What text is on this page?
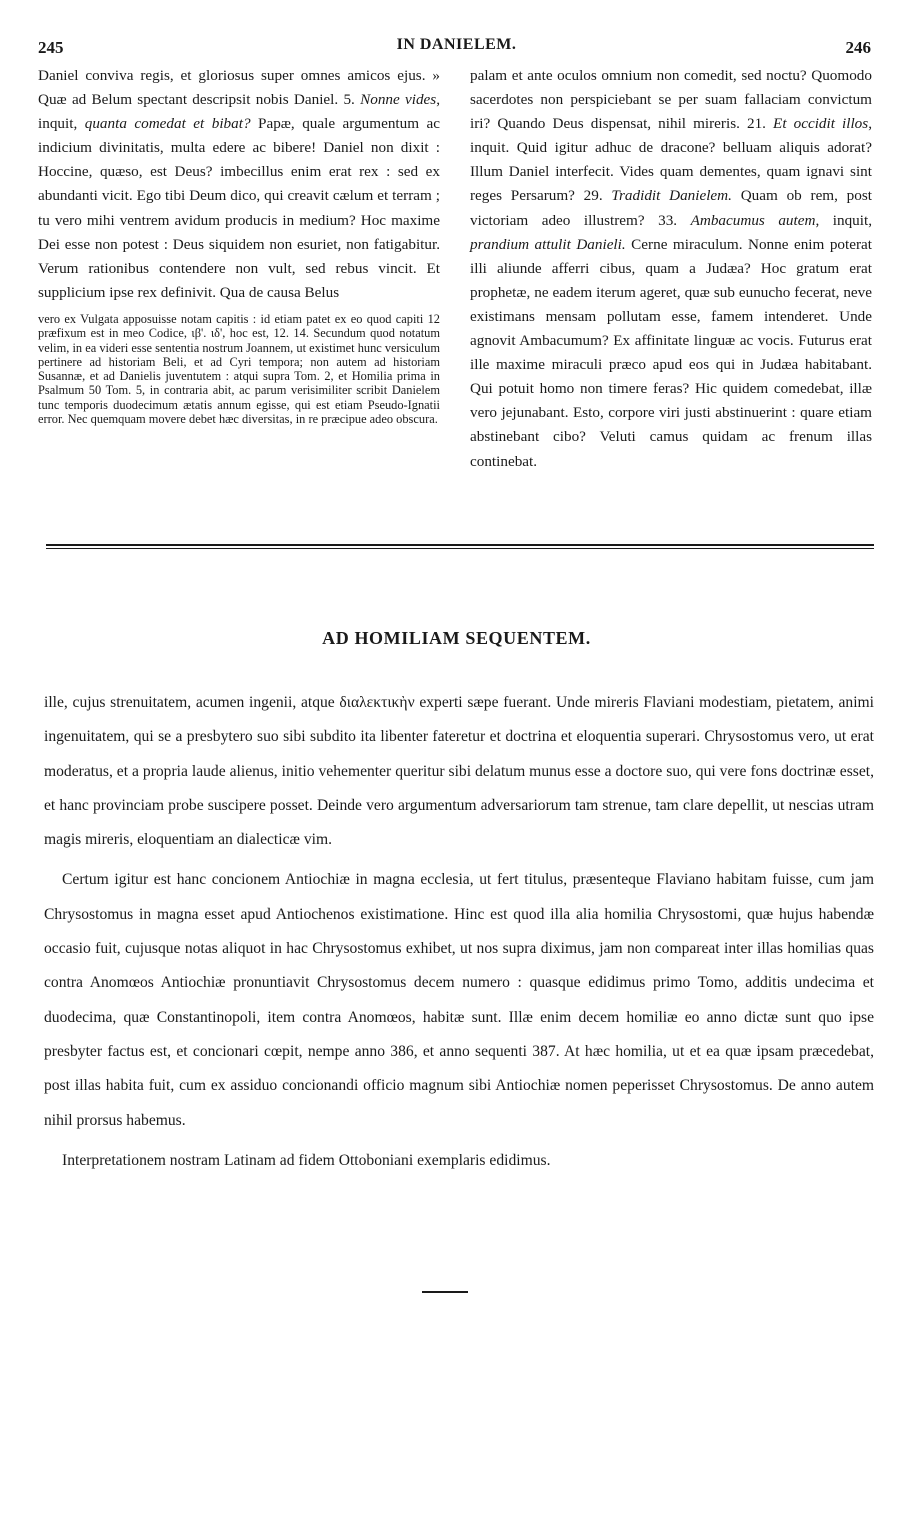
245	IN DANIELEM.	246

Daniel conviva regis, et gloriosus super omnes amicos ejus. » Quæ ad Belum spectant descripsit nobis Daniel. 5. Nonne vides, inquit, quanta comedat et bibat? Papæ, quale argumentum ac indicium divinitatis, multa edere ac bibere! Daniel non dixit : Hoccine, quæso, est Deus? imbecillus enim erat rex : sed ex abundanti vicit. Ego tibi Deum dico, qui creavit cælum et terram ; tu vero mihi ventrem avidum producis in medium? Hoc maxime Dei esse non potest : Deus siquidem non esuriet, non fatigabitur. Verum rationibus contendere non vult, sed rebus vincit. Et supplicium ipse rex definivit. Qua de causa Belus

vero ex Vulgata apposuisse notam capitis : id etiam patet ex eo quod capiti 12 præfixum est in meo Codice, ιβ'. ιδ', hoc est, 12. 14. Secundum quod notatum velim, in ea videri esse sententia nostrum Joannem, ut existimet hunc versiculum pertinere ad historiam Beli, et ad Cyri tempora; non autem ad historiam Susannæ, et ad Danielis juventutem : atqui supra Tom. 2, et Homilia prima in Psalmum 50 Tom. 5, in contraria abit, ac parum verisimiliter scribit Danielem tunc temporis duodecimum ætatis annum egisse, qui est etiam Pseudo-Ignatii error. Nec quemquam movere debet hæc diversitas, in re præcipue adeo obscura.

palam et ante oculos omnium non comedit, sed noctu? Quomodo sacerdotes non perspiciebant se per suam fallaciam convictum iri? Quando Deus dispensat, nihil mireris. 21. Et occidit illos, inquit. Quid igitur adhuc de dracone? belluam aliquis adorat? Illum Daniel interfecit. Vides quam dementes, quam ignavi sint reges Persarum? 29. Tradidit Danielem. Quam ob rem, post victoriam adeo illustrem? 33. Ambacumus autem, inquit, prandium attulit Danieli. Cerne miraculum. Nonne enim poterat illi aliunde afferri cibus, quam a Judæa? Hoc gratum erat prophetæ, ne eadem iterum ageret, quæ sub eunucho fecerat, neve existimans mensam pollutam esse, famem intenderet. Unde agnovit Ambacumum? Ex affinitate linguæ ac vocis. Futurus erat ille maxime miraculi præco apud eos qui in Judæa habitabant. Qui potuit homo non timere feras? Hic quidem comedebat, illæ vero jejunabant. Esto, corpore viri justi abstinuerint : quare etiam abstinebant cibo? Veluti camus quidam ac frenum illas continebat.

AD HOMILIAM SEQUENTEM.

ille, cujus strenuitatem, acumen ingenii, atque διαλεκτικὴν experti sæpe fuerant. Unde mireris Flaviani modestiam, pietatem, animi ingenuitatem, qui se a presbytero suo sibi subdito ita libenter fateretur et doctrina et eloquentia superari. Chrysostomus vero, ut erat moderatus, et a propria laude alienus, initio vehementer queritur sibi delatum munus esse a doctore suo, qui vere fons doctrinæ esset, et hanc provinciam probe suscipere posset. Deinde vero argumentum adversariorum tam strenue, tam clare depellit, ut nescias utram magis mireris, eloquentiam an dialecticæ vim.

Certum igitur est hanc concionem Antiochiæ in magna ecclesia, ut fert titulus, præsenteque Flaviano habitam fuisse, cum jam Chrysostomus in magna esset apud Antiochenos existimatione. Hinc est quod illa alia homilia Chrysostomi, quæ hujus habendæ occasio fuit, cujusque notas aliquot in hac Chrysostomus exhibet, ut nos supra diximus, jam non compareat inter illas homilias quas contra Anomœos Antiochiæ pronuntiavit Chrysostomus decem numero : quasque edidimus primo Tomo, additis undecima et duodecima, quæ Constantinopoli, item contra Anomœos, habitæ sunt. Illæ enim decem homiliæ eo anno dictæ sunt quo ipse presbyter factus est, et concionari cœpit, nempe anno 386, et anno sequenti 387. At hæc homilia, ut et ea quæ ipsam præcedebat, post illas habita fuit, cum ex assiduo concionandi officio magnum sibi Antiochiæ nomen peperisset Chrysostomus. De anno autem nihil prorsus habemus.

Interpretationem nostram Latinam ad fidem Ottoboniani exemplaris edidimus.
